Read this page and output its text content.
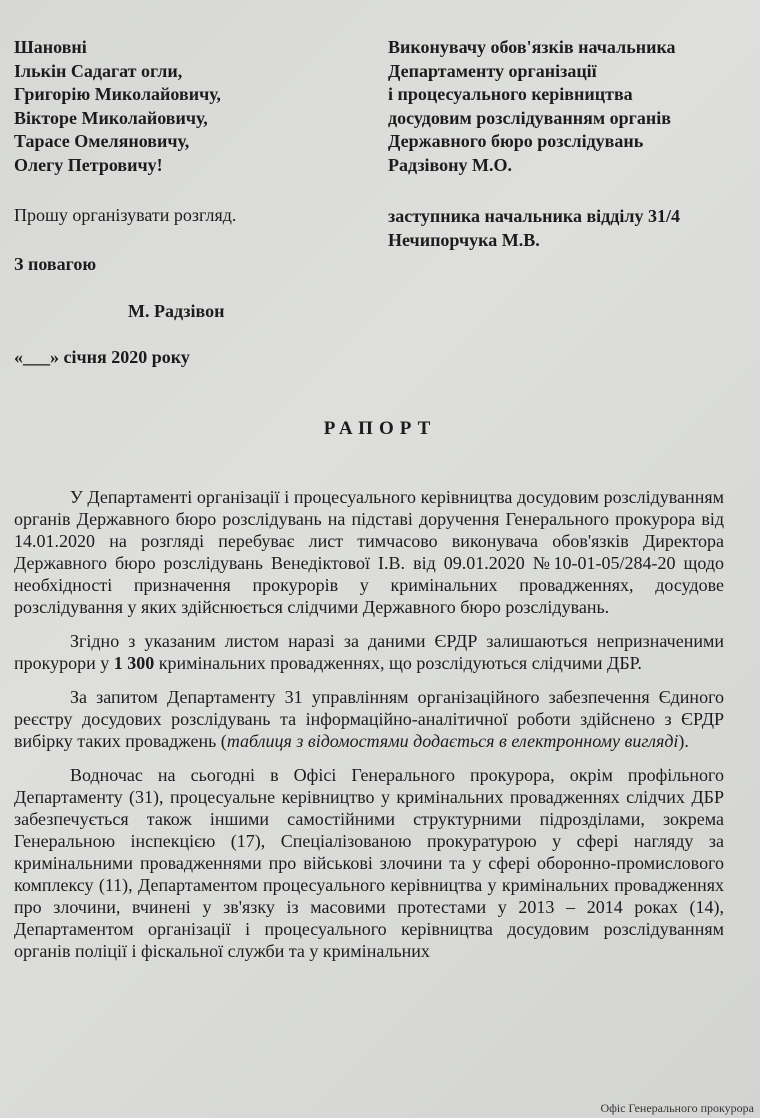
Шановні
Ількін Садагат огли,
Григорію Миколайовичу,
Вікторе Миколайовичу,
Тарасе Омеляновичу,
Олегу Петровичу!
Виконувачу обов'язків начальника
Департаменту організації
і процесуального керівництва
досудовим розслідуванням органів
Державного бюро розслідувань
Радзівону М.О.
Прошу організувати розгляд.
З повагою
М. Радзівон
«___» січня 2020 року
заступника начальника відділу 31/4
Нечипорчука М.В.
РАПОРТ

У Департаменті організації і процесуального керівництва досудовим розслідуванням органів Державного бюро розслідувань на підставі доручення Генерального прокурора від 14.01.2020 на розгляді перебуває лист тимчасово виконувача обов'язків Директора Державного бюро розслідувань Венедіктової І.В. від 09.01.2020 №10-01-05/284-20 щодо необхідності призначення прокурорів у кримінальних провадженнях, досудове розслідування у яких здійснюється слідчими Державного бюро розслідувань.

Згідно з указаним листом наразі за даними ЄРДР залишаються непризначеними прокурори у 1 300 кримінальних провадженнях, що розслідуються слідчими ДБР.

За запитом Департаменту 31 управлінням організаційного забезпечення Єдиного реєстру досудових розслідувань та інформаційно-аналітичної роботи здійснено з ЄРДР вибірку таких проваджень (таблиця з відомостями додається в електронному вигляді).

Водночас на сьогодні в Офісі Генерального прокурора, окрім профільного Департаменту (31), процесуальне керівництво у кримінальних провадженнях слідчих ДБР забезпечується також іншими самостійними структурними підрозділами, зокрема Генеральною інспекцією (17), Спеціалізованою прокуратурою у сфері нагляду за кримінальними провадженнями про військові злочини та у сфері оборонно-промислового комплексу (11), Департаментом процесуального керівництва у кримінальних провадженнях про злочини, вчинені у зв'язку із масовими протестами у 2013 – 2014 роках (14), Департаментом організації і процесуального керівництва досудовим розслідуванням органів поліції і фіскальної служби та у кримінальних

Офіс Генерального прокурора
